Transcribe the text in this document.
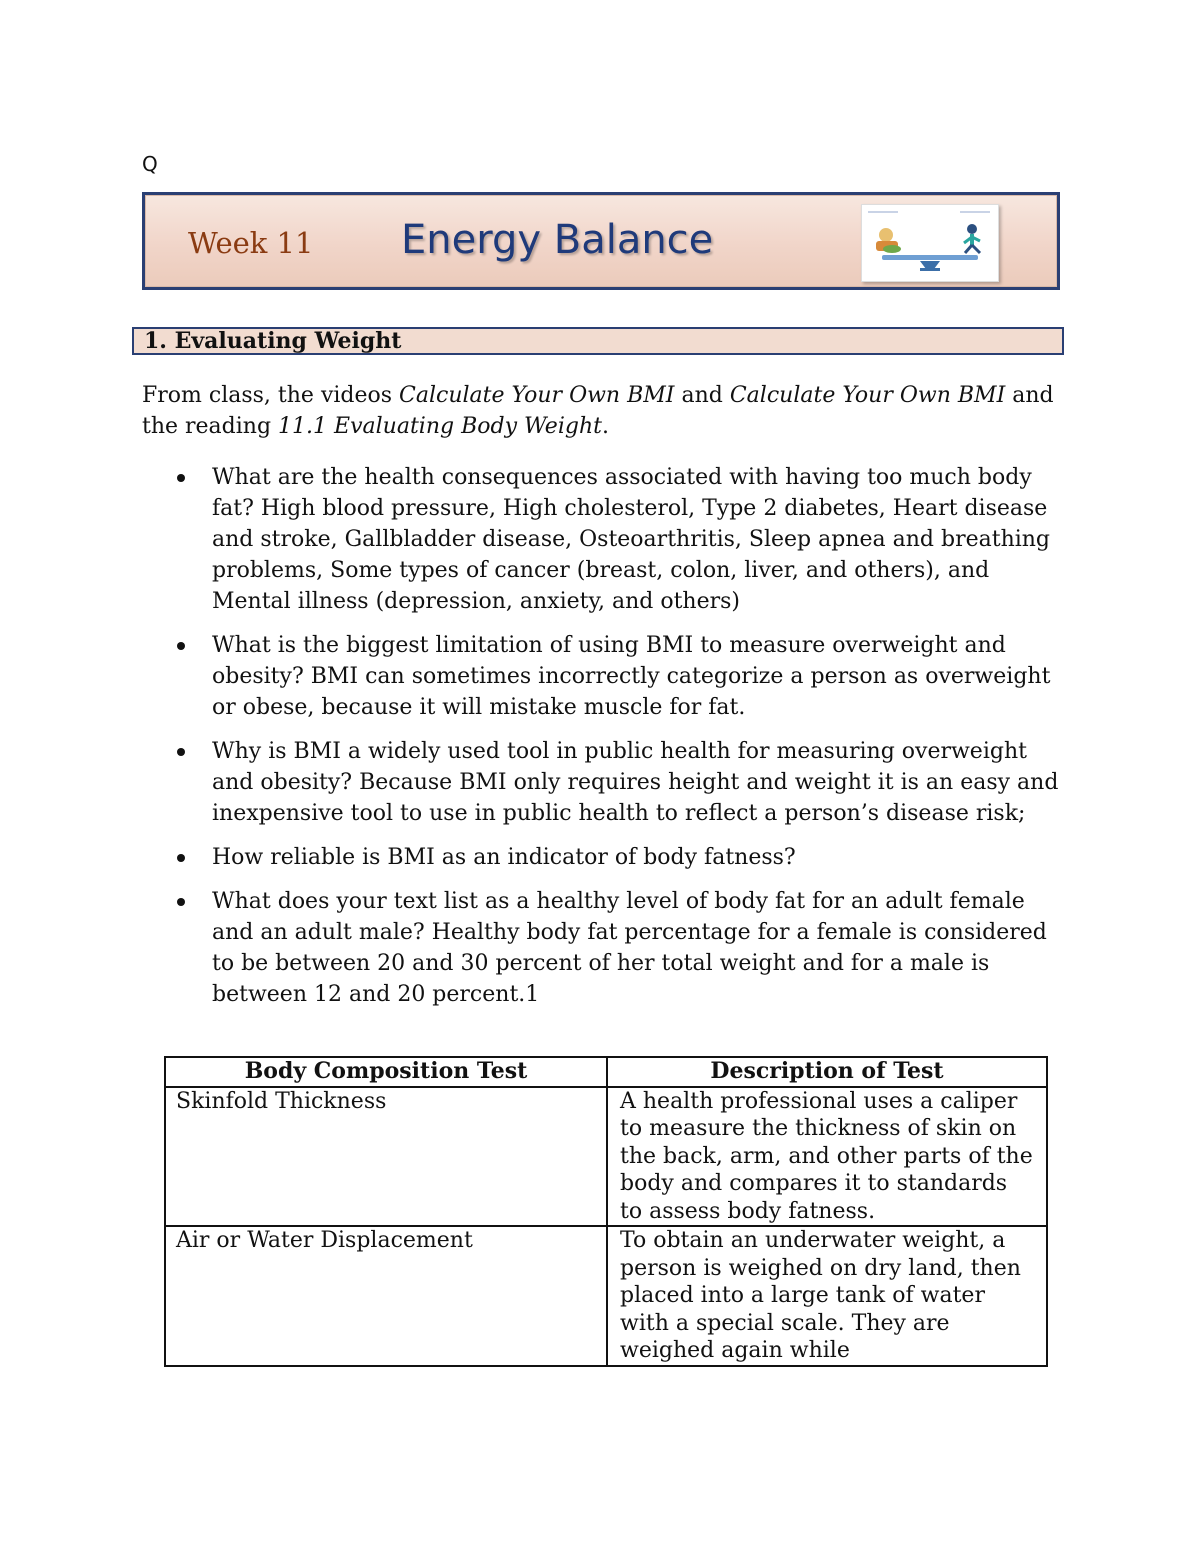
Q
Week 11 Energy Balance
1. Evaluating Weight

From class, the videos Calculate Your Own BMI and Calculate Your Own BMI and the reading 11.1 Evaluating Body Weight.

What are the health consequences associated with having too much body fat? High blood pressure, High cholesterol, Type 2 diabetes, Heart disease and stroke, Gallbladder disease, Osteoarthritis, Sleep apnea and breathing problems, Some types of cancer (breast, colon, liver, and others), and Mental illness (depression, anxiety, and others)
What is the biggest limitation of using BMI to measure overweight and obesity? BMI can sometimes incorrectly categorize a person as overweight or obese, because it will mistake muscle for fat.
Why is BMI a widely used tool in public health for measuring overweight and obesity? Because BMI only requires height and weight it is an easy and inexpensive tool to use in public health to reflect a person’s disease risk;
How reliable is BMI as an indicator of body fatness?
What does your text list as a healthy level of body fat for an adult female and an adult male? Healthy body fat percentage for a female is considered to be between 20 and 30 percent of her total weight and for a male is between 12 and 20 percent.1
Body Composition Test	Description of Test
Skinfold Thickness	A health professional uses a caliper to measure the thickness of skin on the back, arm, and other parts of the body and compares it to standards to assess body fatness.
Air or Water Displacement	To obtain an underwater weight, a person is weighed on dry land, then placed into a large tank of water with a special scale. They are weighed again while
